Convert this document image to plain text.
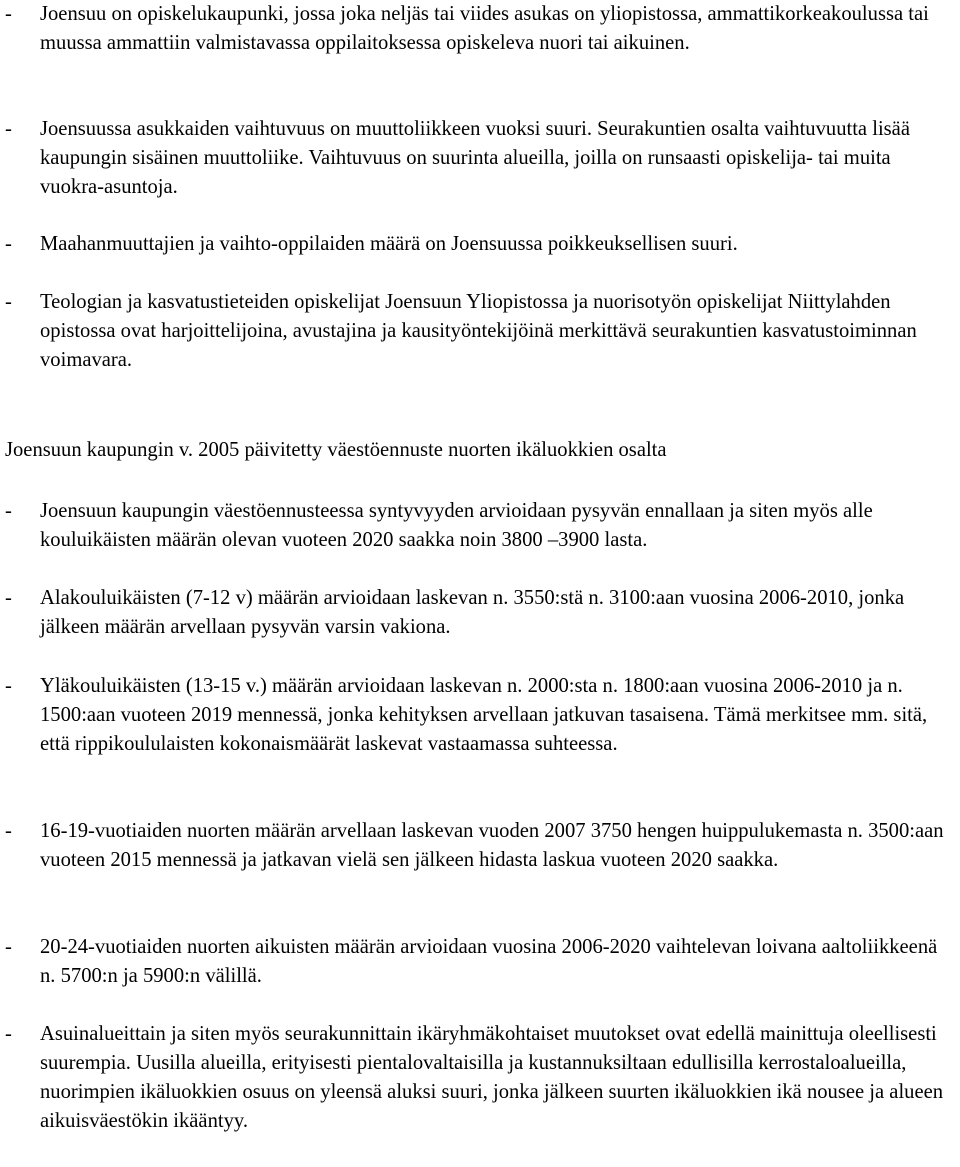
-	Joensuu on opiskelukaupunki, jossa joka neljäs tai viides asukas on yliopistossa, ammattikorkeakoulussa tai muussa ammattiin valmistavassa oppilaitoksessa opiskeleva nuori tai aikuinen.
-	Joensuussa asukkaiden vaihtuvuus on muuttoliikkeen vuoksi suuri. Seurakuntien osalta vaihtuvuutta lisää kaupungin sisäinen muuttoliike. Vaihtuvuus on suurinta alueilla, joilla on runsaasti opiskelija- tai muita vuokra-asuntoja.
-	Maahanmuuttajien ja vaihto-oppilaiden määrä on Joensuussa poikkeuksellisen suuri.
-	Teologian ja kasvatustieteiden opiskelijat Joensuun Yliopistossa ja nuorisotyön opiskelijat Niittylahden opistossa ovat harjoittelijoina, avustajina ja kausityöntekijöinä merkittävä seurakuntien kasvatustoiminnan voimavara.
Joensuun kaupungin v. 2005 päivitetty väestöennuste nuorten ikäluokkien osalta
-	Joensuun kaupungin väestöennusteessa syntyvyyden arvioidaan pysyvän ennallaan ja siten myös alle kouluikäisten määrän olevan vuoteen 2020 saakka noin 3800 –3900 lasta.
-	Alakouluikäisten (7-12 v) määrän arvioidaan laskevan n. 3550:stä n. 3100:aan vuosina 2006-2010, jonka jälkeen määrän arvellaan pysyvän varsin vakiona.
-	Yläkouluikäisten (13-15 v.) määrän arvioidaan laskevan n. 2000:sta n. 1800:aan vuosina 2006-2010 ja n. 1500:aan vuoteen 2019 mennessä, jonka kehityksen arvellaan jatkuvan tasaisena. Tämä merkitsee mm. sitä, että rippikoululaisten kokonaismäärät laskevat vastaamassa suhteessa.
-	16-19-vuotiaiden nuorten määrän arvellaan laskevan vuoden 2007 3750 hengen huippulukemasta n. 3500:aan vuoteen 2015 mennessä ja jatkavan vielä sen jälkeen hidasta laskua vuoteen 2020 saakka.
-	20-24-vuotiaiden nuorten aikuisten määrän arvioidaan vuosina 2006-2020 vaihtelevan loivana aaltoliikkeenä n. 5700:n ja 5900:n välillä.
-	Asuinalueittain ja siten myös seurakunnittain ikäryhmäkohtaiset muutokset ovat edellä mainittuja oleellisesti suurempia. Uusilla alueilla, erityisesti pientalovaltaisilla ja kustannuksiltaan edullisilla kerrostaloalueilla, nuorimpien ikäluokkien osuus on yleensä aluksi suuri, jonka jälkeen suurten ikäluokkien ikä nousee ja alueen aikuisväestökin ikääntyy.
